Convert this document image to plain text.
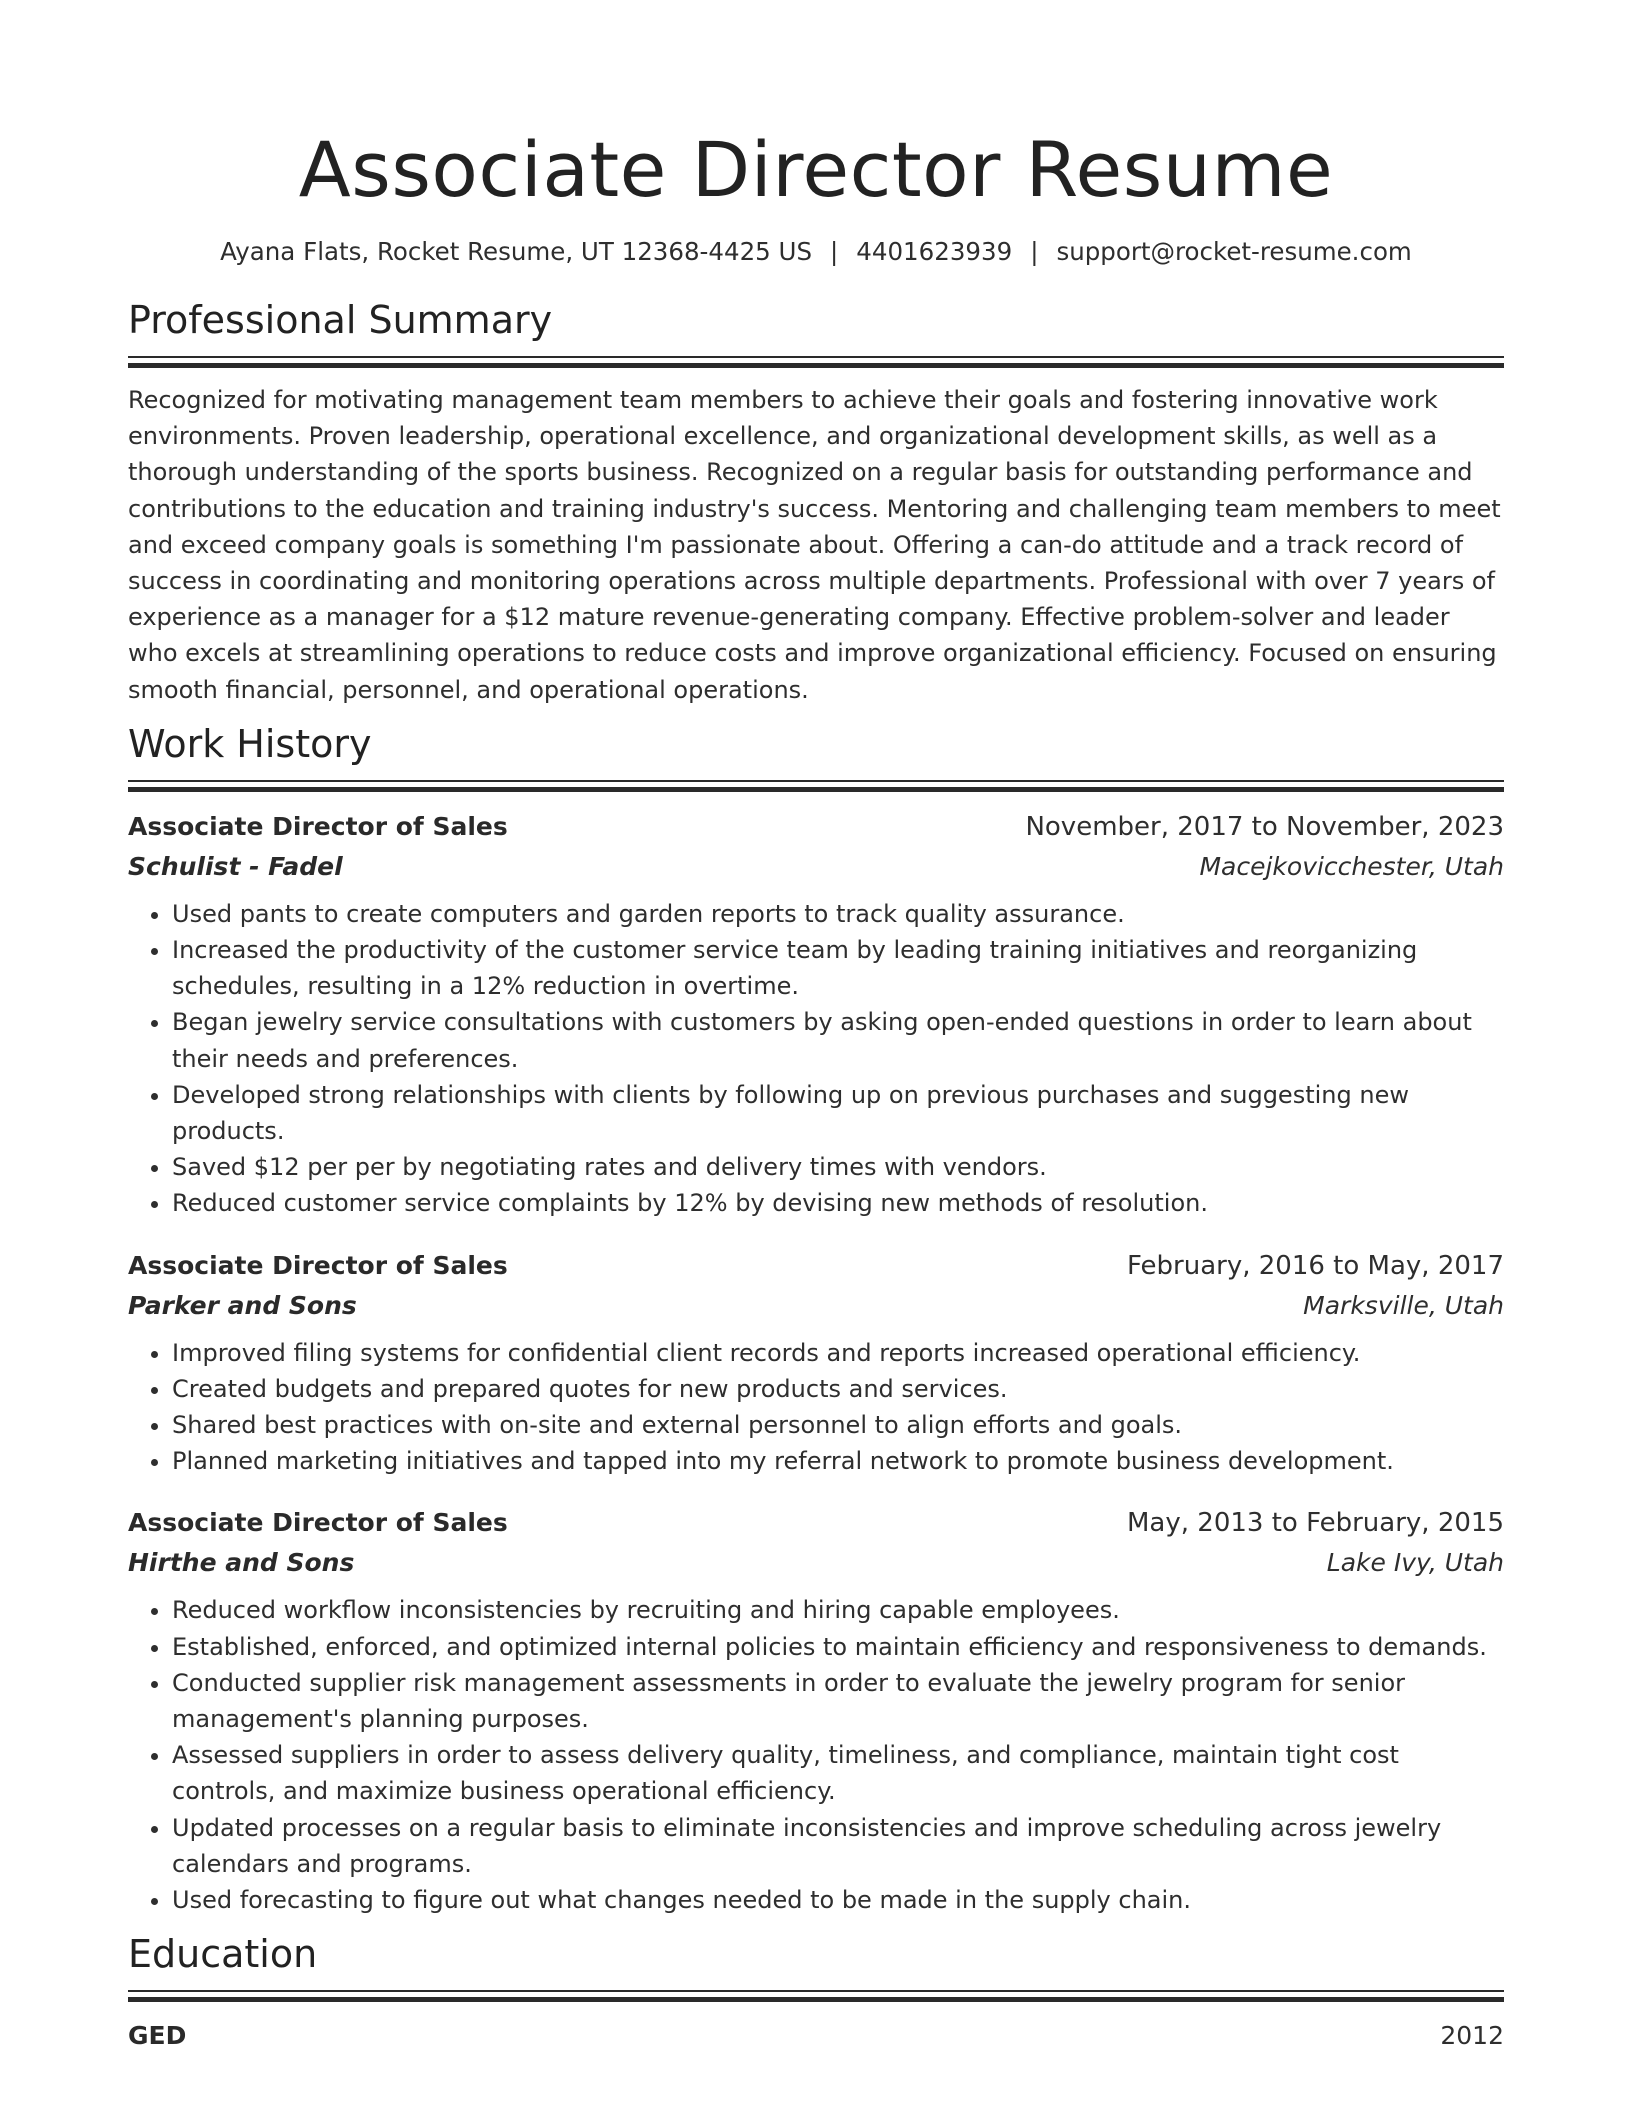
Associate Director Resume
Ayana Flats, Rocket Resume, UT 12368-4425 US | 4401623939 | support@rocket-resume.com
Professional Summary
Recognized for motivating management team members to achieve their goals and fostering innovative work environments. Proven leadership, operational excellence, and organizational development skills, as well as a thorough understanding of the sports business. Recognized on a regular basis for outstanding performance and contributions to the education and training industry's success. Mentoring and challenging team members to meet and exceed company goals is something I'm passionate about. Offering a can-do attitude and a track record of success in coordinating and monitoring operations across multiple departments. Professional with over 7 years of experience as a manager for a $12 mature revenue-generating company. Effective problem-solver and leader who excels at streamlining operations to reduce costs and improve organizational efficiency. Focused on ensuring smooth financial, personnel, and operational operations.
Work History
Associate Director of Sales	November, 2017 to November, 2023
Schulist - Fadel	Macejkovicchester, Utah
• Used pants to create computers and garden reports to track quality assurance.
• Increased the productivity of the customer service team by leading training initiatives and reorganizing schedules, resulting in a 12% reduction in overtime.
• Began jewelry service consultations with customers by asking open-ended questions in order to learn about their needs and preferences.
• Developed strong relationships with clients by following up on previous purchases and suggesting new products.
• Saved $12 per per by negotiating rates and delivery times with vendors.
• Reduced customer service complaints by 12% by devising new methods of resolution.
Associate Director of Sales	February, 2016 to May, 2017
Parker and Sons	Marksville, Utah
• Improved filing systems for confidential client records and reports increased operational efficiency.
• Created budgets and prepared quotes for new products and services.
• Shared best practices with on-site and external personnel to align efforts and goals.
• Planned marketing initiatives and tapped into my referral network to promote business development.
Associate Director of Sales	May, 2013 to February, 2015
Hirthe and Sons	Lake Ivy, Utah
• Reduced workflow inconsistencies by recruiting and hiring capable employees.
• Established, enforced, and optimized internal policies to maintain efficiency and responsiveness to demands.
• Conducted supplier risk management assessments in order to evaluate the jewelry program for senior management's planning purposes.
• Assessed suppliers in order to assess delivery quality, timeliness, and compliance, maintain tight cost controls, and maximize business operational efficiency.
• Updated processes on a regular basis to eliminate inconsistencies and improve scheduling across jewelry calendars and programs.
• Used forecasting to figure out what changes needed to be made in the supply chain.
Education
GED	2012
